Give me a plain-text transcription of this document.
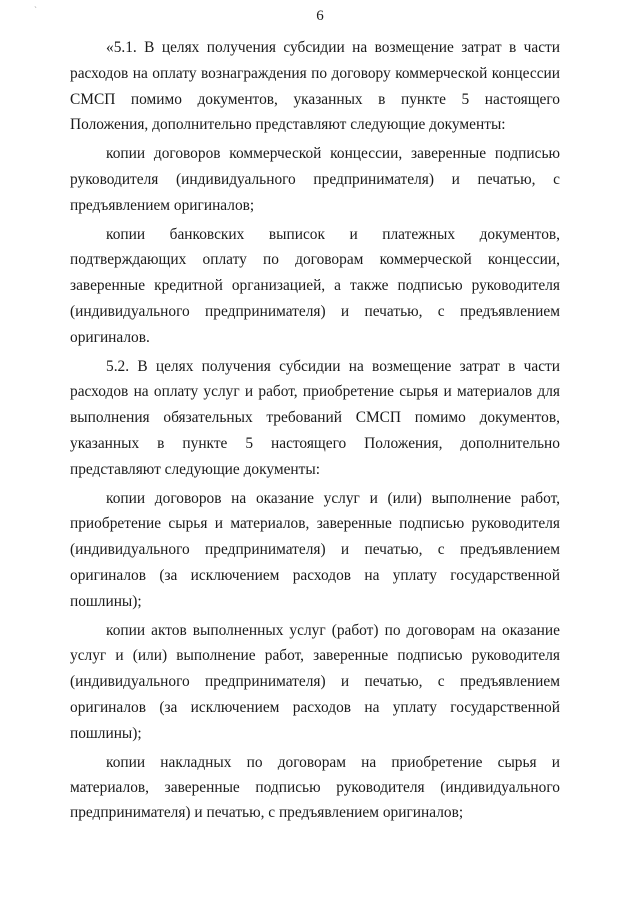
`	6

«5.1. В целях получения субсидии на возмещение затрат в части расходов на оплату вознаграждения по договору коммерческой концессии СМСП помимо документов, указанных в пункте 5 настоящего Положения, дополнительно представляют следующие документы:

копии договоров коммерческой концессии, заверенные подписью руководителя (индивидуального предпринимателя) и печатью, с предъявлением оригиналов;

копии банковских выписок и платежных документов, подтверждающих оплату по договорам коммерческой концессии, заверенные кредитной организацией, а также подписью руководителя (индивидуального предпринимателя) и печатью, с предъявлением оригиналов.

5.2. В целях получения субсидии на возмещение затрат в части расходов на оплату услуг и работ, приобретение сырья и материалов для выполнения обязательных требований СМСП помимо документов, указанных в пункте 5 настоящего Положения, дополнительно представляют следующие документы:

копии договоров на оказание услуг и (или) выполнение работ, приобретение сырья и материалов, заверенные подписью руководителя (индивидуального предпринимателя) и печатью, с предъявлением оригиналов (за исключением расходов на уплату государственной пошлины);

копии актов выполненных услуг (работ) по договорам на оказание услуг и (или) выполнение работ, заверенные подписью руководителя (индивидуального предпринимателя) и печатью, с предъявлением оригиналов (за исключением расходов на уплату государственной пошлины);

копии накладных по договорам на приобретение сырья и материалов, заверенные подписью руководителя (индивидуального предпринимателя) и печатью, с предъявлением оригиналов;
